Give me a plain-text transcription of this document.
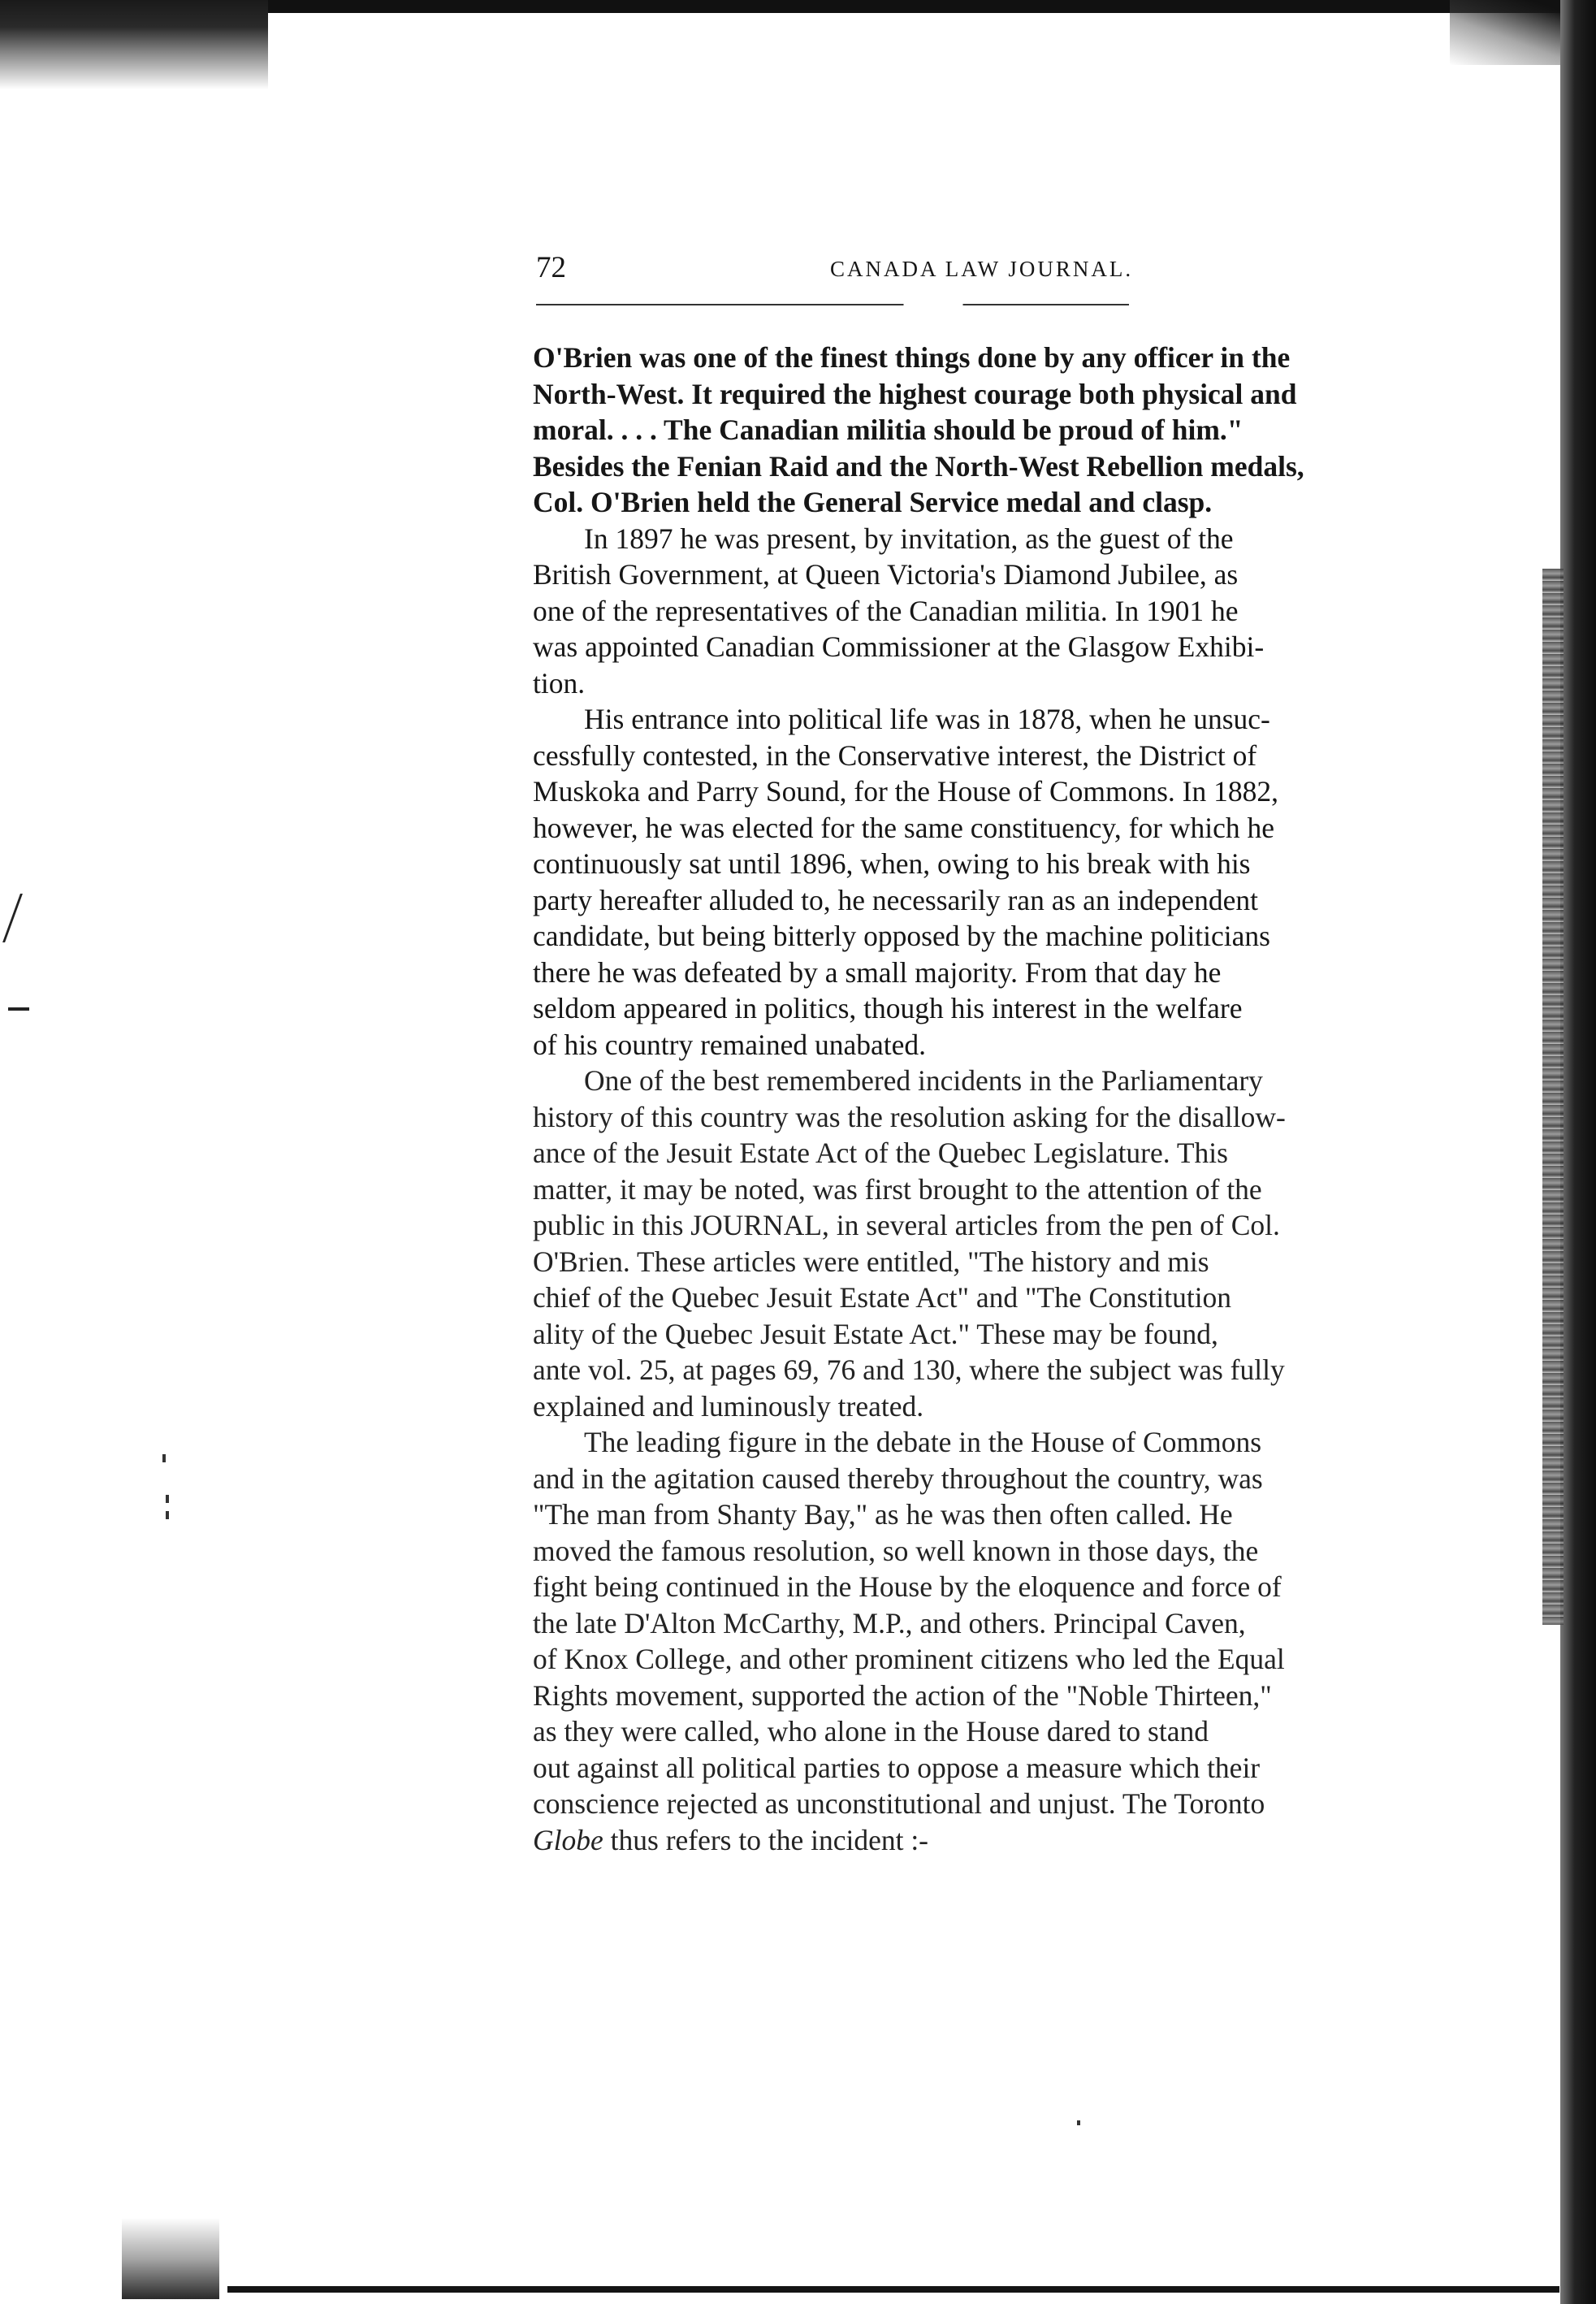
72	CANADA LAW JOURNAL.

O'Brien was one of the finest things done by any officer in the
North-West. It required the highest courage both physical and
moral. . . . The Canadian militia should be proud of him."
Besides the Fenian Raid and the North-West Rebellion medals,
Col. O'Brien held the General Service medal and clasp.

In 1897 he was present, by invitation, as the guest of the
British Government, at Queen Victoria's Diamond Jubilee, as
one of the representatives of the Canadian militia. In 1901 he
was appointed Canadian Commissioner at the Glasgow Exhibi-
tion.

His entrance into political life was in 1878, when he unsuc-
cessfully contested, in the Conservative interest, the District of
Muskoka and Parry Sound, for the House of Commons. In 1882,
however, he was elected for the same constituency, for which he
continuously sat until 1896, when, owing to his break with his
party hereafter alluded to, he necessarily ran as an independent
candidate, but being bitterly opposed by the machine politicians
there he was defeated by a small majority. From that day he
seldom appeared in politics, though his interest in the welfare
of his country remained unabated.

One of the best remembered incidents in the Parliamentary
history of this country was the resolution asking for the disallow-
ance of the Jesuit Estate Act of the Quebec Legislature. This
matter, it may be noted, was first brought to the attention of the
public in this JOURNAL, in several articles from the pen of Col.
O'Brien. These articles were entitled, "The history and mis
chief of the Quebec Jesuit Estate Act" and "The Constitution
ality of the Quebec Jesuit Estate Act." These may be found,
ante vol. 25, at pages 69, 76 and 130, where the subject was fully
explained and luminously treated.

The leading figure in the debate in the House of Commons
and in the agitation caused thereby throughout the country, was
"The man from Shanty Bay," as he was then often called. He
moved the famous resolution, so well known in those days, the
fight being continued in the House by the eloquence and force of
the late D'Alton McCarthy, M.P., and others. Principal Caven,
of Knox College, and other prominent citizens who led the Equal
Rights movement, supported the action of the "Noble Thirteen,"
as they were called, who alone in the House dared to stand
out against all political parties to oppose a measure which their
conscience rejected as unconstitutional and unjust. The Toronto
Globe thus refers to the incident :-
